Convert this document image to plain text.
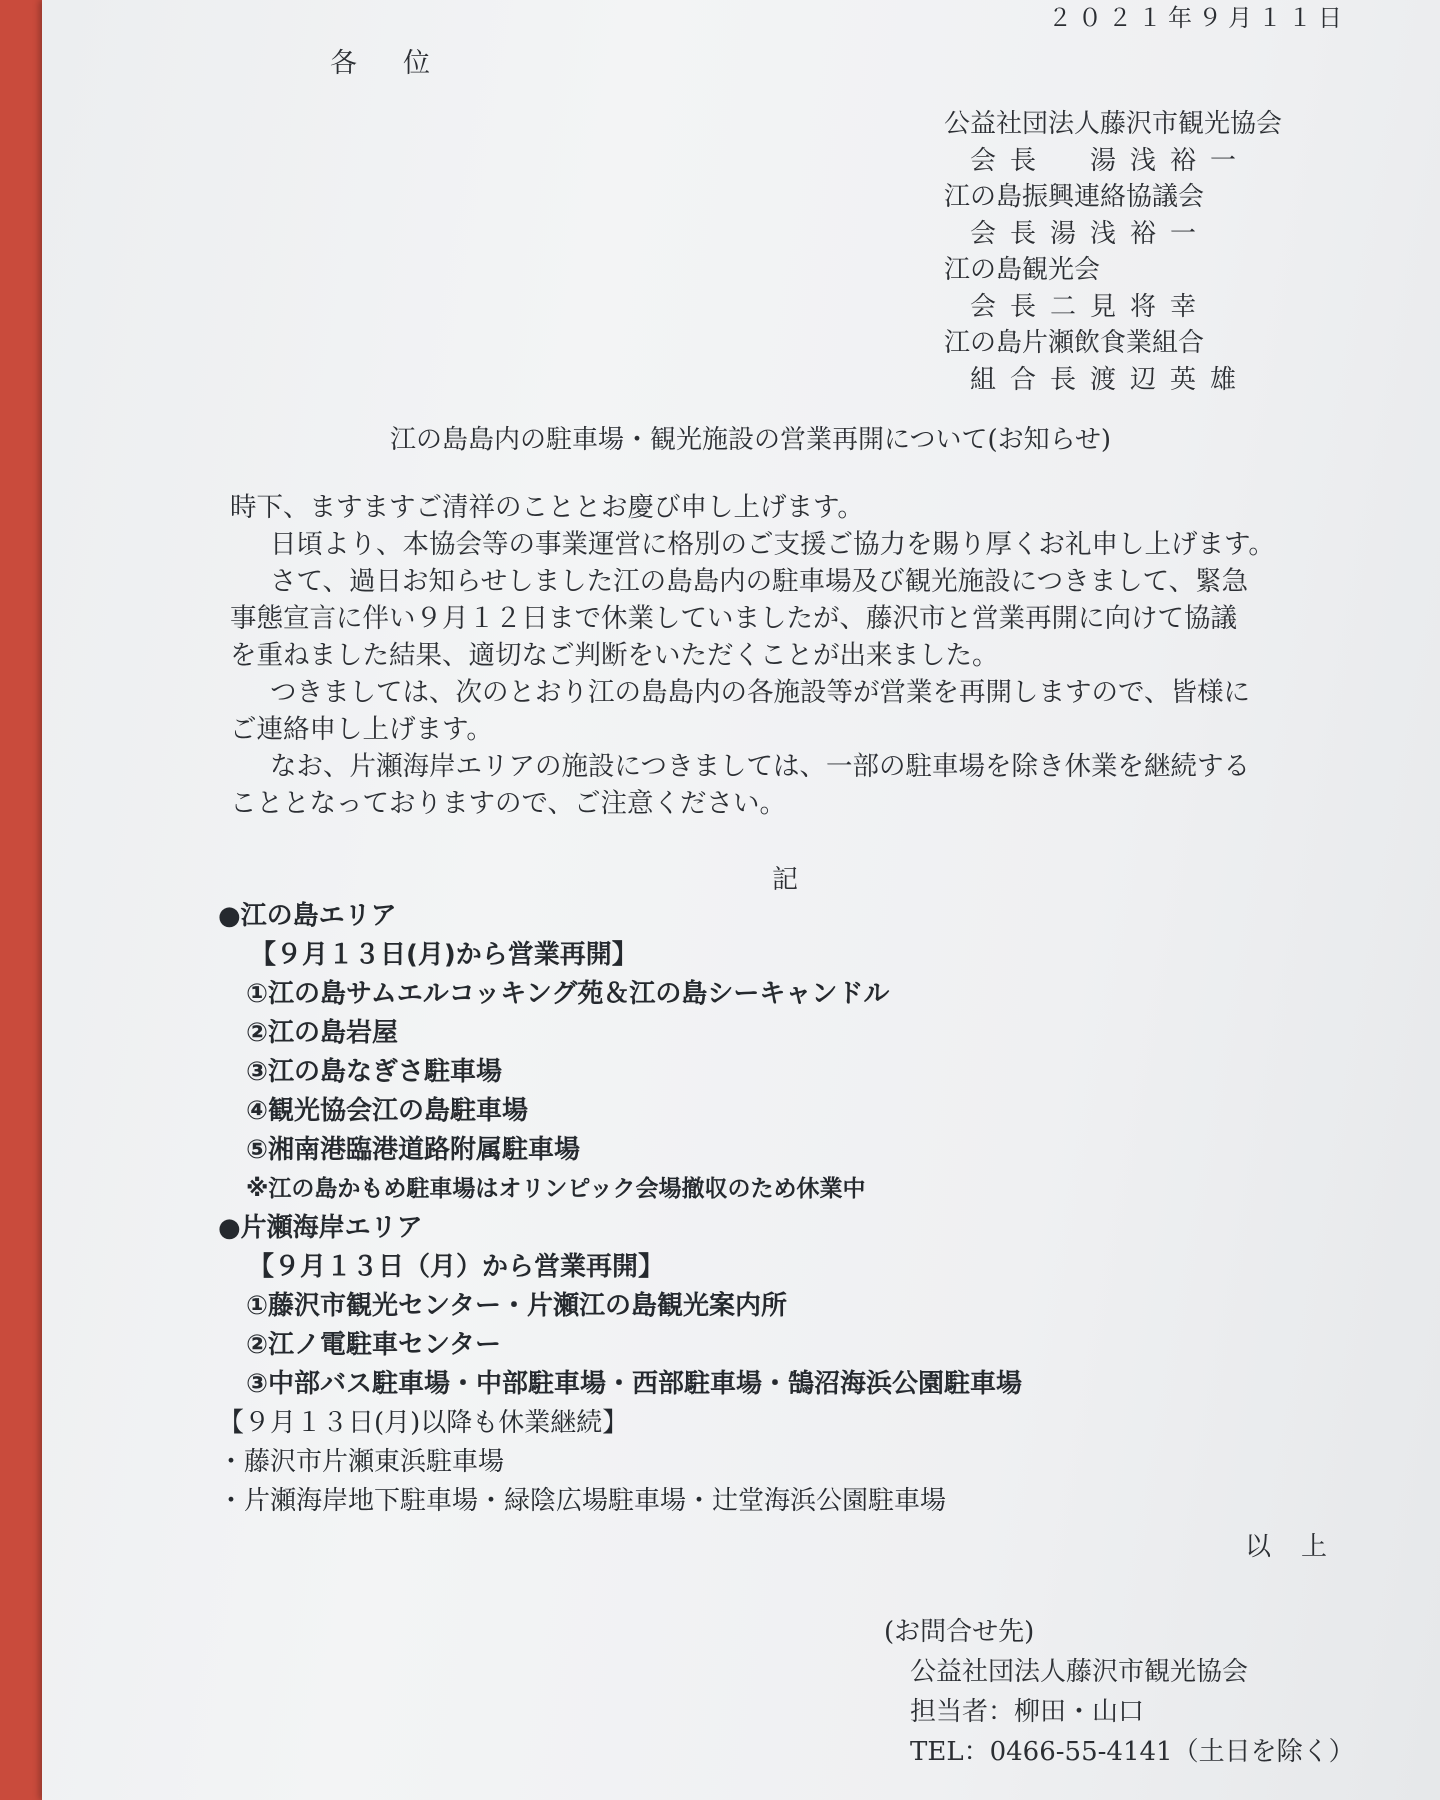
２０２１年９月１１日
各位
公益社団法人藤沢市観光協会
会長　湯浅裕一
江の島振興連絡協議会
会長湯浅裕一
江の島観光会
会長二見将幸
江の島片瀬飲食業組合
組合長渡辺英雄
江の島島内の駐車場・観光施設の営業再開について(お知らせ)

時下、ますますご清祥のこととお慶び申し上げます。

日頃より、本協会等の事業運営に格別のご支援ご協力を賜り厚くお礼申し上げます。

さて、過日お知らせしました江の島島内の駐車場及び観光施設につきまして、緊急

事態宣言に伴い９月１２日まで休業していましたが、藤沢市と営業再開に向けて協議

を重ねました結果、適切なご判断をいただくことが出来ました。

つきましては、次のとおり江の島島内の各施設等が営業を再開しますので、皆様に

ご連絡申し上げます。

なお、片瀬海岸エリアの施設につきましては、一部の駐車場を除き休業を継続する

こととなっておりますので、ご注意ください。

記
●江の島エリア
【９月１３日(月)から営業再開】
①江の島サムエルコッキング苑＆江の島シーキャンドル
②江の島岩屋
③江の島なぎさ駐車場
④観光協会江の島駐車場
⑤湘南港臨港道路附属駐車場
※江の島かもめ駐車場はオリンピック会場撤収のため休業中
●片瀬海岸エリア
【９月１３日（月）から営業再開】
①藤沢市観光センター・片瀬江の島観光案内所
②江ノ電駐車センター
③中部バス駐車場・中部駐車場・西部駐車場・鵠沼海浜公園駐車場
【９月１３日(月)以降も休業継続】
・藤沢市片瀬東浜駐車場
・片瀬海岸地下駐車場・緑陰広場駐車場・辻堂海浜公園駐車場
以上
(お問合せ先)
公益社団法人藤沢市観光協会
担当者：柳田・山口
TEL：0466-55-4141（土日を除く）
